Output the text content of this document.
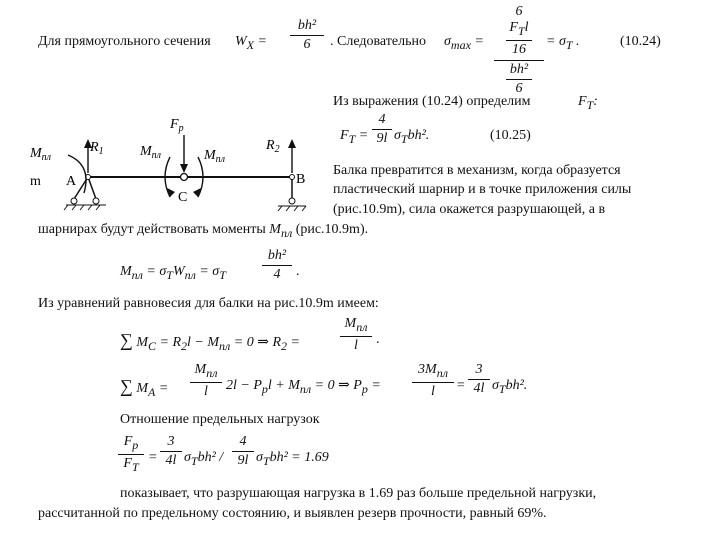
Для прямоугольного сечения $W_X$ =
bh²
6	. Следовательно $\sigma_{max}$ =
6
$F_Tl$
16
bh²
6
= $\sigma_T$ .	(10.24)
Из выражения (10.24) определим	$F_T$:
$F_T$ =
4
9l $\sigma_Tbh^2$.	(10.25)
Балка превратится в механизм, когда образуется
пластический шарнир и в точке приложения силы
(рис.10.9m), сила окажется разрушающей, а в
шарнирах будут действовать моменты $M_{пл}$ (рис.10.9m).
$F_p$
$R_1$	$R_2$
$M_{пл}$	$M_{пл}$	$M_{пл}$
A	B
C
m
$M_{пл} = \sigma_TW_{пл} = \sigma_T$
bh²
4	.
Из уравнений равновесия для балки на рис.10.9m имеем:
∑ $M_C = R_2l - M_{пл} = 0$ ⇒ $R_2$ =
$M_{пл}$
l	.
∑ $M_A$ =
$M_{пл}$
l	$2l - P_pl + M_{пл} = 0$ ⇒ $P_p$ =
$3M_{пл}$
l	=
3
4l $\sigma_Tbh^2$.
Отношение предельных нагрузок
$F_p$
$F_T$
=
3
4l $\sigma_Tbh^2$ /
4
9l $\sigma_Tbh^2 = 1.69$
показывает, что разрушающая нагрузка в 1.69 раз больше предельной нагрузки,
рассчитанной по предельному состоянию, и выявлен резерв прочности, равный 69%.
